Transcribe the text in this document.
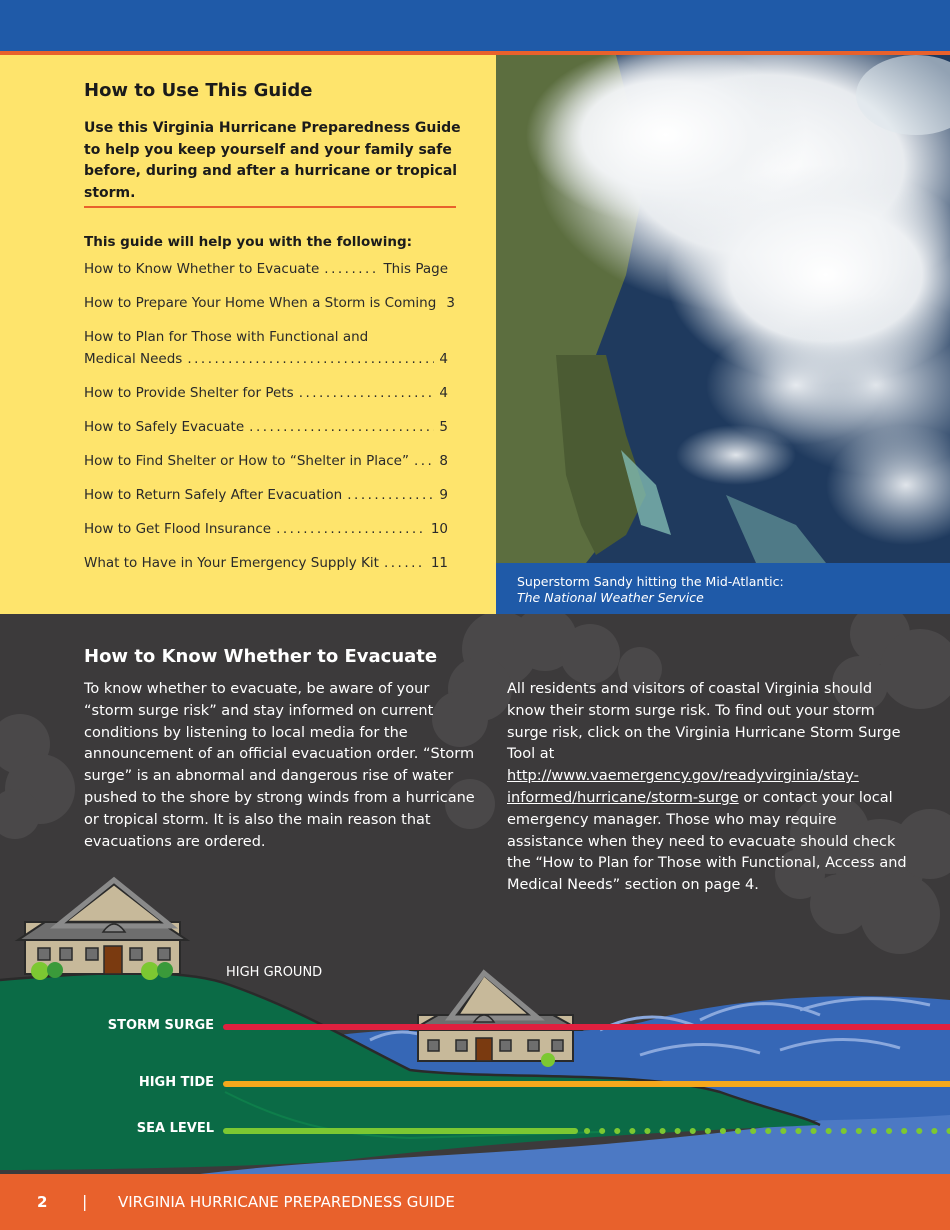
How to Use This Guide

Use this Virginia Hurricane Preparedness Guide to help you keep yourself and your family safe before, during and after a hurricane or tropical storm.

This guide will help you with the following:

How to Know Whether to Evacuate .....	This Page
How to Prepare Your Home When a Storm is Coming 3
How to Plan for Those with Functional and
Medical Needs .....	4
How to Provide Shelter for Pets .....	4
How to Safely Evacuate .....	5
How to Find Shelter or How to “Shelter in Place” ..... 8
How to Return Safely After Evacuation .....	9
How to Get Flood Insurance .....	10
What to Have in Your Emergency Supply Kit .....	11
Superstorm Sandy hitting the Mid-Atlantic:
The National Weather Service
How to Know Whether to Evacuate

To know whether to evacuate, be aware of your “storm surge risk” and stay informed on current conditions by listening to local media for the announcement of an official evacuation order. “Storm surge” is an abnormal and dangerous rise of water pushed to the shore by strong winds from a hurricane or tropical storm. It is also the main reason that evacuations are ordered.

All residents and visitors of coastal Virginia should know their storm surge risk. To find out your storm surge risk, click on the Virginia Hurricane Storm Surge Tool at http://www.vaemergency.gov/readyvirginia/stay-informed/hurricane/storm-surge or contact your local emergency manager. Those who may require assistance when they need to evacuate should check the “How to Plan for Those with Functional, Access and Medical Needs” section on page 4.

HIGH GROUND
STORM SURGE
HIGH TIDE
SEA LEVEL
2 | VIRGINIA HURRICANE PREPAREDNESS GUIDE
